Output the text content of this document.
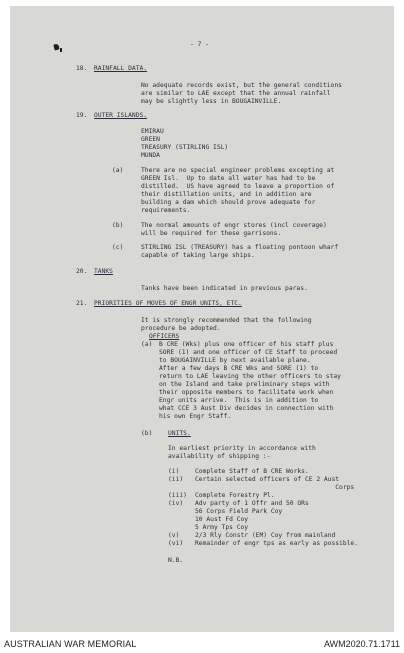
- 7 -
18. RAINFALL DATA.
No adequate records exist, but the general conditions
are similar to LAE except that the annual rainfall
may be slightly less in BOUGAINVILLE.
19. OUTER ISLANDS.
EMIRAU
GREEN
TREASURY (STIRLING ISL)
MUNDA
(a)	There are no special engineer problems excepting at
GREEN Isl.  Up to date all water has had to be
distilled.  US have agreed to leave a proportion of
their distillation units, and in addition are
building a dam which should prove adequate for
requirements.
(b)	The normal amounts of engr stores (incl coverage)
will be required for these garrisons.
(c)	STIRLING ISL (TREASURY) has a floating pontoon wharf
capable of taking large ships.
20. TANKS
Tanks have been indicated in previous paras.
21. PRIORITIES OF MOVES OF ENGR UNITS, ETC.
It is strongly recommended that the following
procedure be adopted.
OFFICERS
(a) B CRE (Wks) plus one officer of his staff plus
SORE (1) and one officer of CE Staff to proceed
to BOUGAINVILLE by next available plane.
After a few days B CRE Wks and SORE (1) to
return to LAE leaving the other officers to stay
on the Island and take preliminary steps with
their opposite members to facilitate work when
Engr units arrive.  This is in addition to
what CCE 3 Aust Div decides in connection with
his own Engr Staff.
(b) UNITS.
In earliest priority in accordance with
availability of shipping :-
(i) Complete Staff of B CRE Works.
(ii) Certain selected officers of CE 2 Aust
Corps
(iii) Complete Forestry Pl.
(iv) Adv party of 1 Offr and 50 ORs
56 Corps Field Park Coy
10 Aust Fd Coy
5 Army Tps Coy
(v) 2/3 Rly Constr (EM) Coy from mainland
(vi) Remainder of engr tps as early as possible.
N.B.
AUSTRALIAN WAR MEMORIAL	AWM2020.71.1711
